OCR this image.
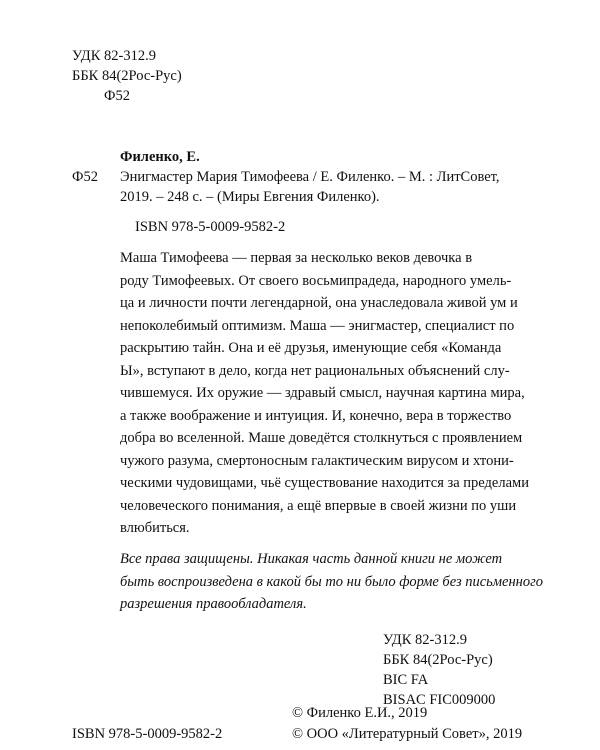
УДК 82-312.9
ББК 84(2Рос-Рус)
Ф52
Филенко, Е.
Ф52 Энигмастер Мария Тимофеева / Е. Филенко. – М. : ЛитСовет,
2019. – 248 с. – (Миры Евгения Филенко).
ISBN 978-5-0009-9582-2
Маша Тимофеева — первая за несколько веков девочка в
роду Тимофеевых. От своего восьмипрадеда, народного умель-
ца и личности почти легендарной, она унаследовала живой ум и
непоколебимый оптимизм. Маша — энигмастер, специалист по
раскрытию тайн. Она и её друзья, именующие себя «Команда
Ы», вступают в дело, когда нет рациональных объяснений слу-
чившемуся. Их оружие — здравый смысл, научная картина мира,
а также воображение и интуиция. И, конечно, вера в торжество
добра во вселенной. Маше доведётся столкнуться с проявлением
чужого разума, смертоносным галактическим вирусом и хтони-
ческими чудовищами, чьё существование находится за пределами
человеческого понимания, а ещё впервые в своей жизни по уши
влюбиться.
Все права защищены. Никакая часть данной книги не может
быть воспроизведена в какой бы то ни было форме без письменного
разрешения правообладателя.
УДК 82-312.9
ББК 84(2Рос-Рус)
BIC FA
BISAC FIC009000
© Филенко Е.И., 2019
ISBN 978-5-0009-9582-2	© ООО «Литературный Совет», 2019
